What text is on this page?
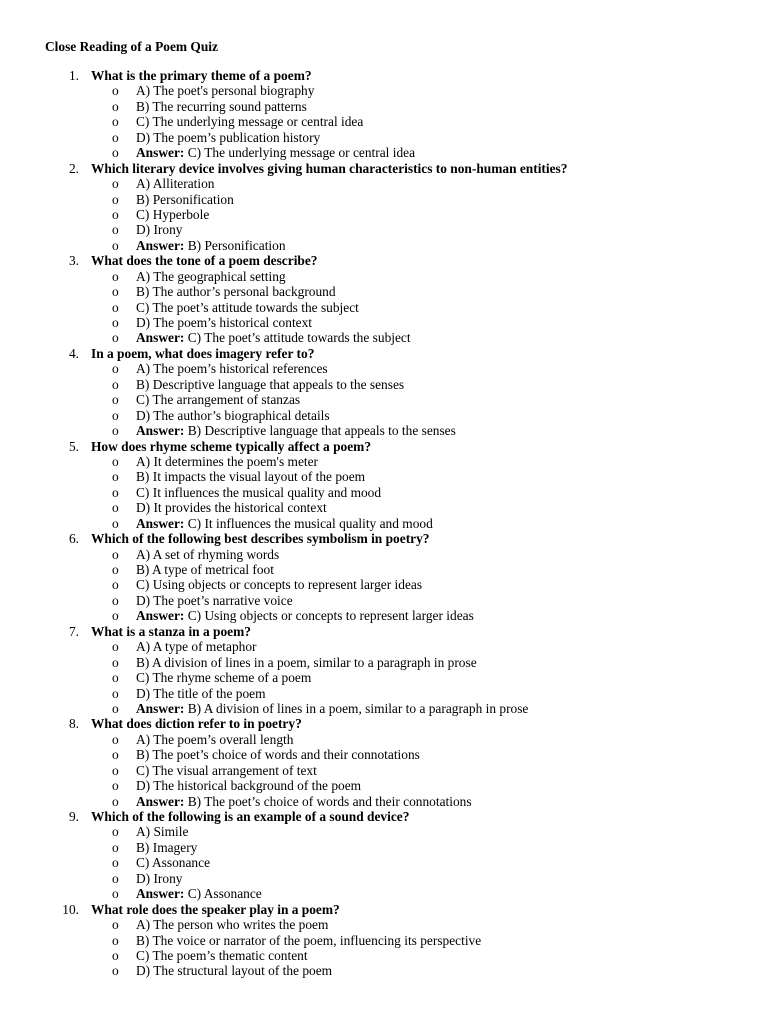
Close Reading of a Poem Quiz
1. What is the primary theme of a poem?
o A) The poet's personal biography
o B) The recurring sound patterns
o C) The underlying message or central idea
o D) The poem’s publication history
o Answer: C) The underlying message or central idea
2. Which literary device involves giving human characteristics to non-human entities?
o A) Alliteration
o B) Personification
o C) Hyperbole
o D) Irony
o Answer: B) Personification
3. What does the tone of a poem describe?
o A) The geographical setting
o B) The author’s personal background
o C) The poet’s attitude towards the subject
o D) The poem’s historical context
o Answer: C) The poet’s attitude towards the subject
4. In a poem, what does imagery refer to?
o A) The poem’s historical references
o B) Descriptive language that appeals to the senses
o C) The arrangement of stanzas
o D) The author’s biographical details
o Answer: B) Descriptive language that appeals to the senses
5. How does rhyme scheme typically affect a poem?
o A) It determines the poem's meter
o B) It impacts the visual layout of the poem
o C) It influences the musical quality and mood
o D) It provides the historical context
o Answer: C) It influences the musical quality and mood
6. Which of the following best describes symbolism in poetry?
o A) A set of rhyming words
o B) A type of metrical foot
o C) Using objects or concepts to represent larger ideas
o D) The poet’s narrative voice
o Answer: C) Using objects or concepts to represent larger ideas
7. What is a stanza in a poem?
o A) A type of metaphor
o B) A division of lines in a poem, similar to a paragraph in prose
o C) The rhyme scheme of a poem
o D) The title of the poem
o Answer: B) A division of lines in a poem, similar to a paragraph in prose
8. What does diction refer to in poetry?
o A) The poem’s overall length
o B) The poet’s choice of words and their connotations
o C) The visual arrangement of text
o D) The historical background of the poem
o Answer: B) The poet’s choice of words and their connotations
9. Which of the following is an example of a sound device?
o A) Simile
o B) Imagery
o C) Assonance
o D) Irony
o Answer: C) Assonance
10. What role does the speaker play in a poem?
o A) The person who writes the poem
o B) The voice or narrator of the poem, influencing its perspective
o C) The poem’s thematic content
o D) The structural layout of the poem
